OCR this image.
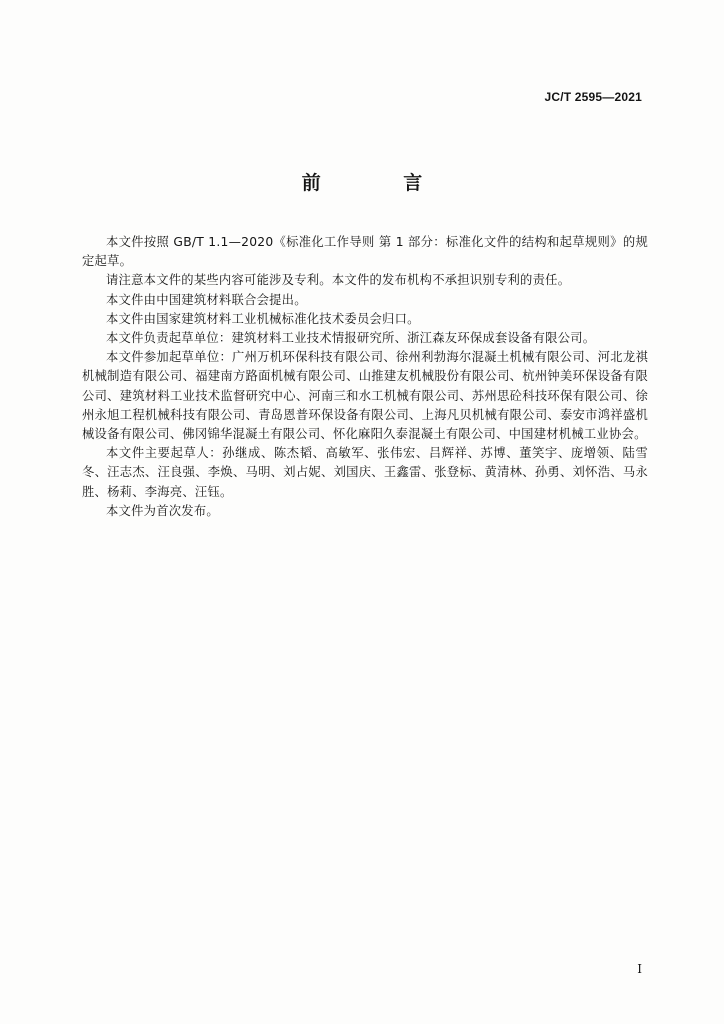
JC/T 2595—2021
前 言

本文件按照 GB/T 1.1—2020《标准化工作导则 第 1 部分：标准化文件的结构和起草规则》的规定起草。

请注意本文件的某些内容可能涉及专利。本文件的发布机构不承担识别专利的责任。

本文件由中国建筑材料联合会提出。

本文件由国家建筑材料工业机械标准化技术委员会归口。

本文件负责起草单位：建筑材料工业技术情报研究所、浙江森友环保成套设备有限公司。

本文件参加起草单位：广州万机环保科技有限公司、徐州利勃海尔混凝土机械有限公司、河北龙祺机械制造有限公司、福建南方路面机械有限公司、山推建友机械股份有限公司、杭州钟美环保设备有限公司、建筑材料工业技术监督研究中心、河南三和水工机械有限公司、苏州思砼科技环保有限公司、徐州永旭工程机械科技有限公司、青岛恩普环保设备有限公司、上海凡贝机械有限公司、泰安市鸿祥盛机械设备有限公司、佛冈锦华混凝土有限公司、怀化麻阳久泰混凝土有限公司、中国建材机械工业协会。

本文件主要起草人：孙继成、陈杰韬、高敏军、张伟宏、吕辉祥、苏博、董笑宇、庞增领、陆雪冬、汪志杰、汪良强、李焕、马明、刘占妮、刘国庆、王鑫雷、张登标、黄清林、孙勇、刘怀浩、马永胜、杨莉、李海亮、汪钰。

本文件为首次发布。

I
